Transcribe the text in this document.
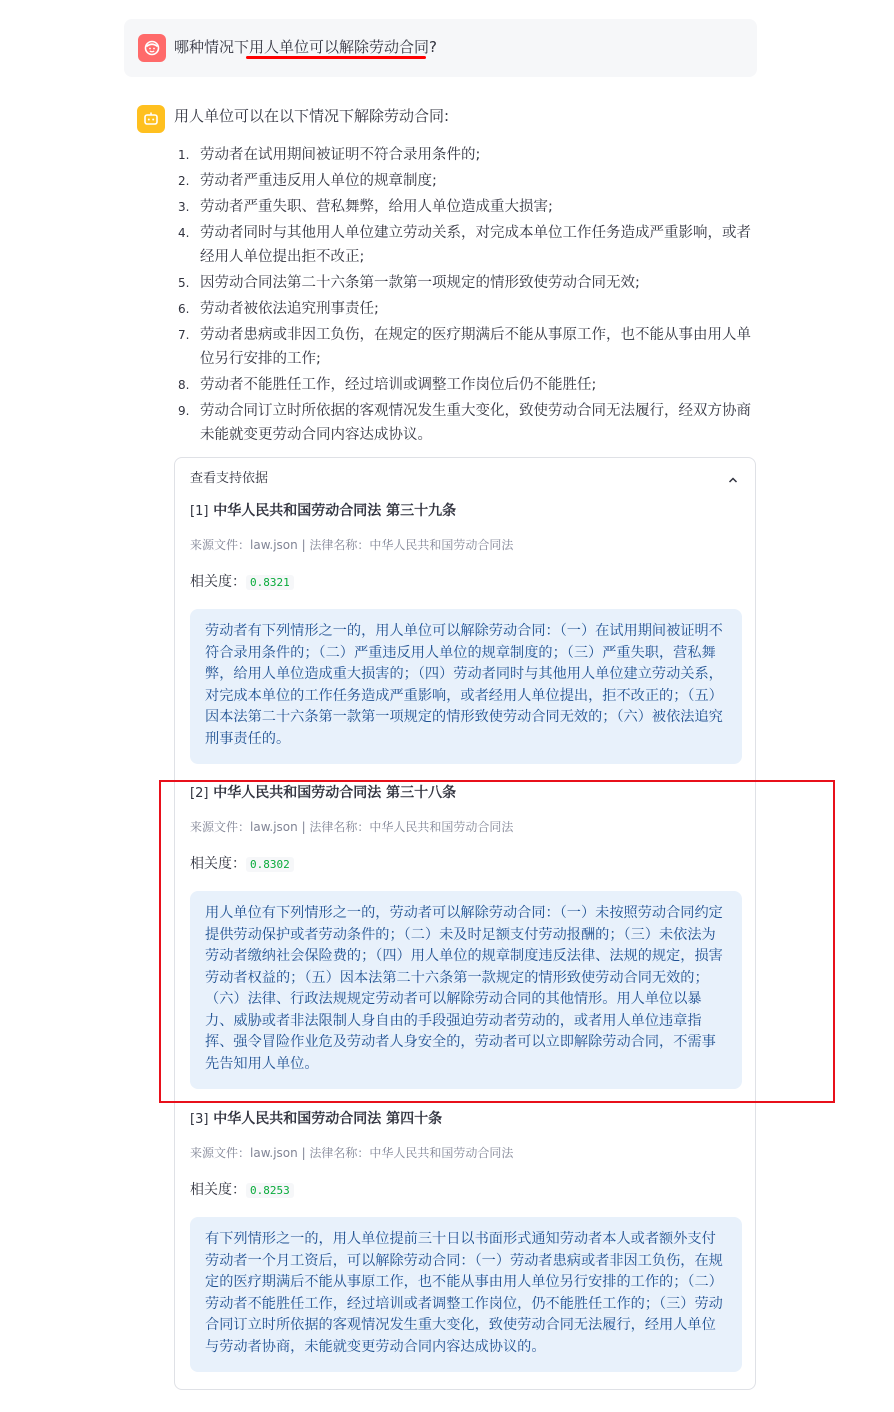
哪种情况下用人单位可以解除劳动合同?
用人单位可以在以下情况下解除劳动合同:
1. 劳动者在试用期间被证明不符合录用条件的;
2. 劳动者严重违反用人单位的规章制度;
3. 劳动者严重失职、营私舞弊，给用人单位造成重大损害;
4. 劳动者同时与其他用人单位建立劳动关系，对完成本单位工作任务造成严重影响，或者经用人单位提出拒不改正;
5. 因劳动合同法第二十六条第一款第一项规定的情形致使劳动合同无效;
6. 劳动者被依法追究刑事责任;
7. 劳动者患病或非因工负伤，在规定的医疗期满后不能从事原工作，也不能从事由用人单位另行安排的工作;
8. 劳动者不能胜任工作，经过培训或调整工作岗位后仍不能胜任;
9. 劳动合同订立时所依据的客观情况发生重大变化，致使劳动合同无法履行，经双方协商未能就变更劳动合同内容达成协议。
查看支持依据
[1] 中华人民共和国劳动合同法 第三十九条
来源文件：law.json | 法律名称：中华人民共和国劳动合同法
相关度： 0.8321
劳动者有下列情形之一的，用人单位可以解除劳动合同：（一）在试用期间被证明不符合录用条件的；（二）严重违反用人单位的规章制度的；（三）严重失职，营私舞弊，给用人单位造成重大损害的；（四）劳动者同时与其他用人单位建立劳动关系，对完成本单位的工作任务造成严重影响，或者经用人单位提出，拒不改正的；（五）因本法第二十六条第一款第一项规定的情形致使劳动合同无效的；（六）被依法追究刑事责任的。
[2] 中华人民共和国劳动合同法 第三十八条
来源文件：law.json | 法律名称：中华人民共和国劳动合同法
相关度： 0.8302
用人单位有下列情形之一的，劳动者可以解除劳动合同：（一）未按照劳动合同约定提供劳动保护或者劳动条件的；（二）未及时足额支付劳动报酬的；（三）未依法为劳动者缴纳社会保险费的；（四）用人单位的规章制度违反法律、法规的规定，损害劳动者权益的；（五）因本法第二十六条第一款规定的情形致使劳动合同无效的；（六）法律、行政法规规定劳动者可以解除劳动合同的其他情形。用人单位以暴力、威胁或者非法限制人身自由的手段强迫劳动者劳动的，或者用人单位违章指挥、强令冒险作业危及劳动者人身安全的，劳动者可以立即解除劳动合同，不需事先告知用人单位。
[3] 中华人民共和国劳动合同法 第四十条
来源文件：law.json | 法律名称：中华人民共和国劳动合同法
相关度： 0.8253
有下列情形之一的，用人单位提前三十日以书面形式通知劳动者本人或者额外支付劳动者一个月工资后，可以解除劳动合同：（一）劳动者患病或者非因工负伤，在规定的医疗期满后不能从事原工作，也不能从事由用人单位另行安排的工作的；（二）劳动者不能胜任工作，经过培训或者调整工作岗位，仍不能胜任工作的；（三）劳动合同订立时所依据的客观情况发生重大变化，致使劳动合同无法履行，经用人单位与劳动者协商，未能就变更劳动合同内容达成协议的。
